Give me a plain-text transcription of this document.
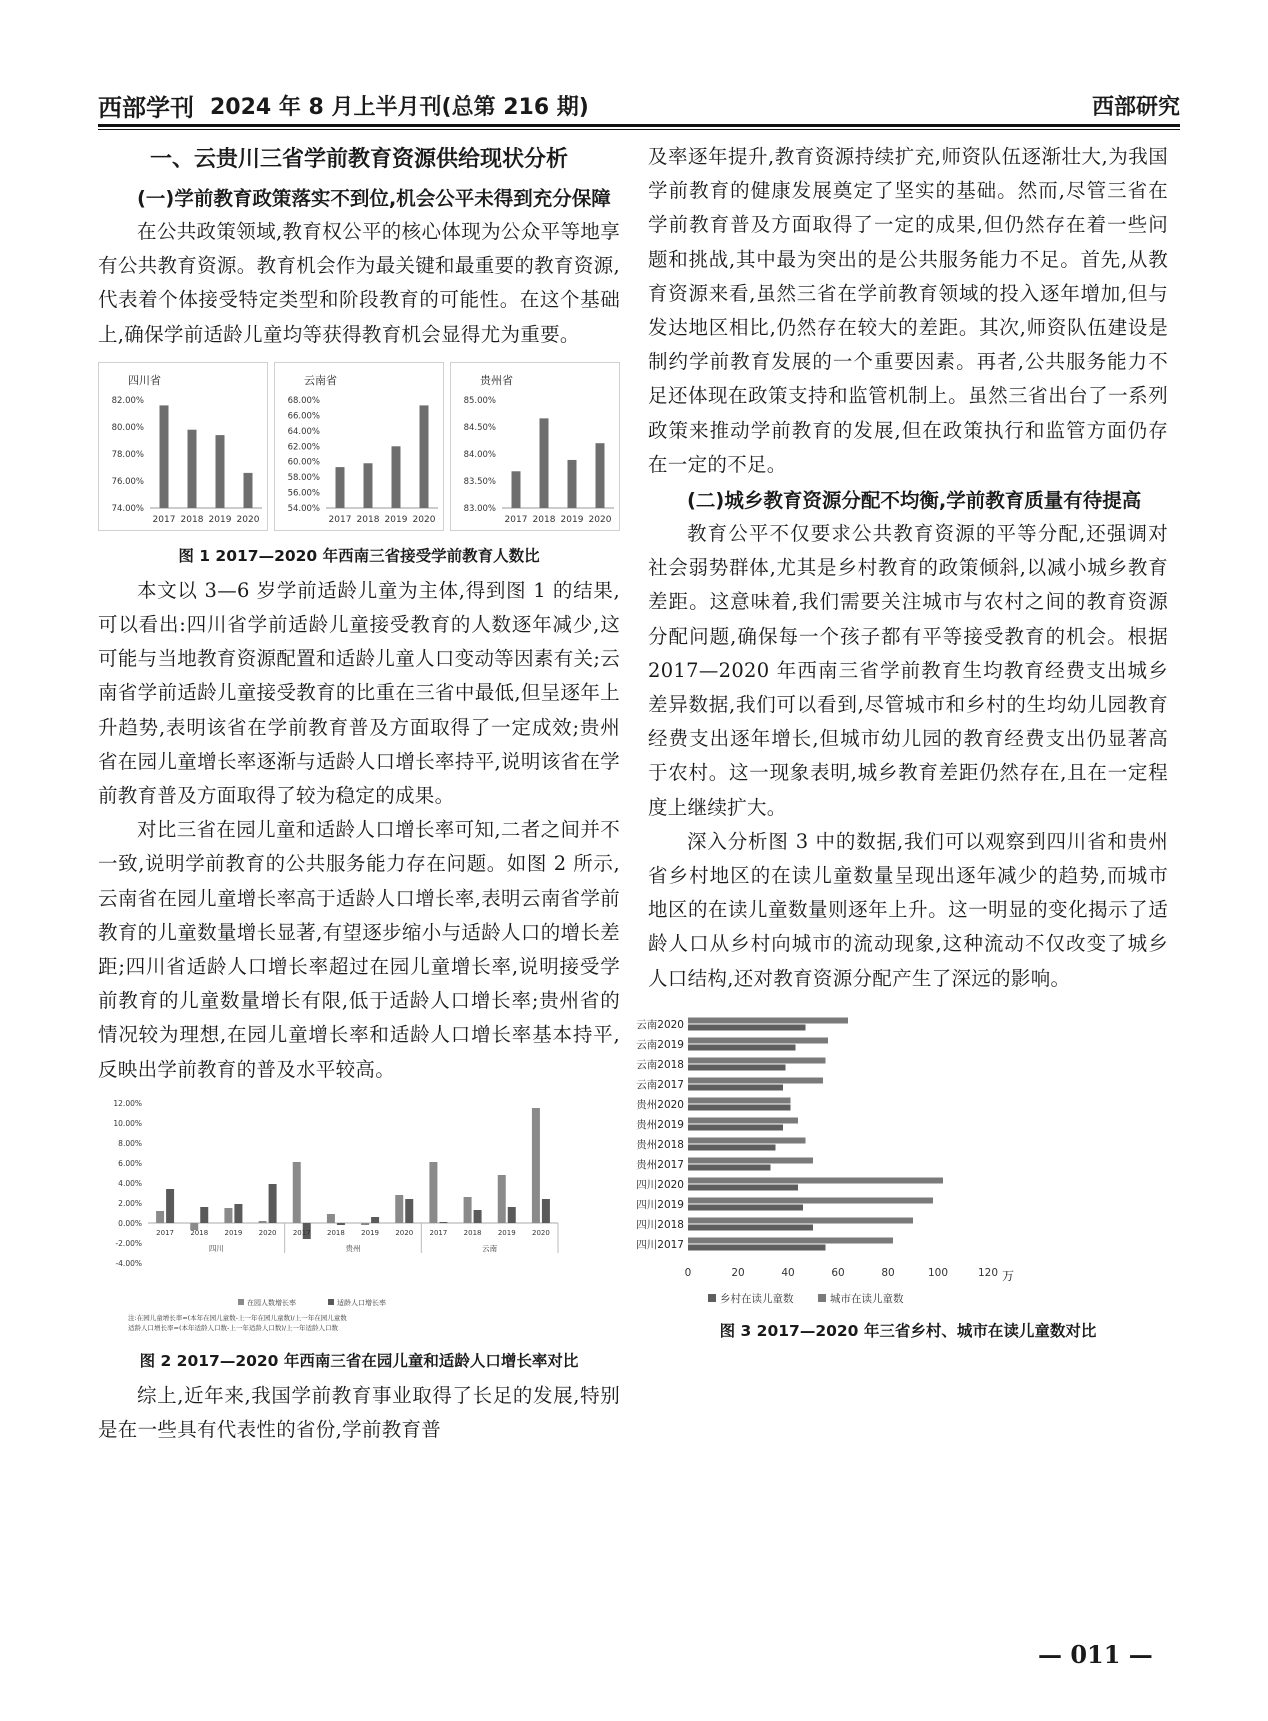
西部学刊 2024 年 8 月上半月刊(总第 216 期)	西部研究
一、云贵川三省学前教育资源供给现状分析
(一)学前教育政策落实不到位,机会公平未得到充分保障

在公共政策领域,教育权公平的核心体现为公众平等地享有公共教育资源。教育机会作为最关键和最重要的教育资源,代表着个体接受特定类型和阶段教育的可能性。在这个基础上,确保学前适龄儿童均等获得教育机会显得尤为重要。

四川省
82.00%
80.00%
78.00%
76.00%
74.00%
2017 2018 2019 2020
云南省
68.00%
66.00%
64.00%
62.00%
60.00%
58.00%
56.00%
54.00%
2017 2018 2019 2020
贵州省
85.00%
84.50%
84.00%
83.50%
83.00%
2017 2018 2019 2020
图 1 2017—2020 年西南三省接受学前教育人数比

本文以 3—6 岁学前适龄儿童为主体,得到图 1 的结果,可以看出:四川省学前适龄儿童接受教育的人数逐年减少,这可能与当地教育资源配置和适龄儿童人口变动等因素有关;云南省学前适龄儿童接受教育的比重在三省中最低,但呈逐年上升趋势,表明该省在学前教育普及方面取得了一定成效;贵州省在园儿童增长率逐渐与适龄人口增长率持平,说明该省在学前教育普及方面取得了较为稳定的成果。

对比三省在园儿童和适龄人口增长率可知,二者之间并不一致,说明学前教育的公共服务能力存在问题。如图 2 所示,云南省在园儿童增长率高于适龄人口增长率,表明云南省学前教育的儿童数量增长显著,有望逐步缩小与适龄人口的增长差距;四川省适龄人口增长率超过在园儿童增长率,说明接受学前教育的儿童数量增长有限,低于适龄人口增长率;贵州省的情况较为理想,在园儿童增长率和适龄人口增长率基本持平,反映出学前教育的普及水平较高。

12.00%
10.00%
8.00%
6.00%
4.00%
2.00%
0.00%
-2.00%
-4.00%
2017 2018 2019 2020 2017 2018 2019 2020 2017 2018 2019 2020
四川	贵州	云南
在园人数增长率	适龄人口增长率
注:在园儿童增长率=(本年在园儿童数-上一年在园儿童数)/上一年在园儿童数
适龄人口增长率=(本年适龄人口数-上一年适龄人口数)/上一年适龄人口数
图 2 2017—2020 年西南三省在园儿童和适龄人口增长率对比

综上,近年来,我国学前教育事业取得了长足的发展,特别是在一些具有代表性的省份,学前教育普

及率逐年提升,教育资源持续扩充,师资队伍逐渐壮大,为我国学前教育的健康发展奠定了坚实的基础。然而,尽管三省在学前教育普及方面取得了一定的成果,但仍然存在着一些问题和挑战,其中最为突出的是公共服务能力不足。首先,从教育资源来看,虽然三省在学前教育领域的投入逐年增加,但与发达地区相比,仍然存在较大的差距。其次,师资队伍建设是制约学前教育发展的一个重要因素。再者,公共服务能力不足还体现在政策支持和监管机制上。虽然三省出台了一系列政策来推动学前教育的发展,但在政策执行和监管方面仍存在一定的不足。

(二)城乡教育资源分配不均衡,学前教育质量有待提高

教育公平不仅要求公共教育资源的平等分配,还强调对社会弱势群体,尤其是乡村教育的政策倾斜,以减小城乡教育差距。这意味着,我们需要关注城市与农村之间的教育资源分配问题,确保每一个孩子都有平等接受教育的机会。根据 2017—2020 年西南三省学前教育生均教育经费支出城乡差异数据,我们可以看到,尽管城市和乡村的生均幼儿园教育经费支出逐年增长,但城市幼儿园的教育经费支出仍显著高于农村。这一现象表明,城乡教育差距仍然存在,且在一定程度上继续扩大。

深入分析图 3 中的数据,我们可以观察到四川省和贵州省乡村地区的在读儿童数量呈现出逐年减少的趋势,而城市地区的在读儿童数量则逐年上升。这一明显的变化揭示了适龄人口从乡村向城市的流动现象,这种流动不仅改变了城乡人口结构,还对教育资源分配产生了深远的影响。

云南2020
云南2019
云南2018
云南2017
贵州2020
贵州2019
贵州2018
贵州2017
四川2020
四川2019
四川2018
四川2017
0	20	40	60	80	100	120 万
乡村在读儿童数	城市在读儿童数
图 3 2017—2020 年三省乡村、城市在读儿童数对比
— 011 —
